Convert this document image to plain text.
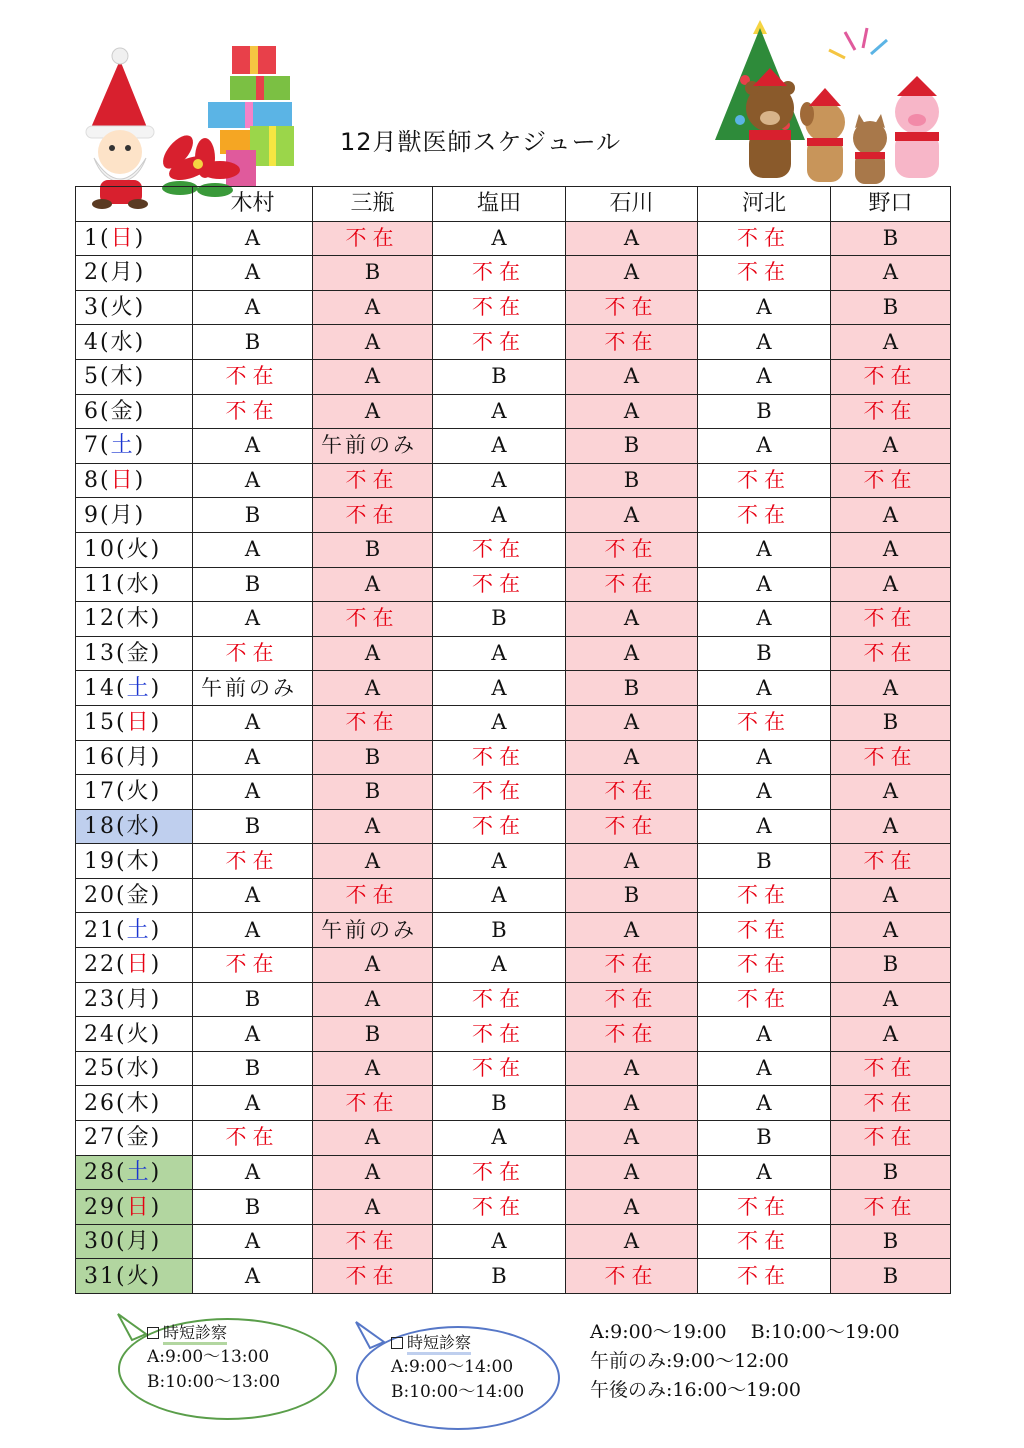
12月獣医師スケジュール
	木村	三瓶	塩田	石川	河北	野口
1(日)	A	不在	A	A	不在	B
2(月)	A	B	不在	A	不在	A
3(火)	A	A	不在	不在	A	B
4(水)	B	A	不在	不在	A	A
5(木)	不在	A	B	A	A	不在
6(金)	不在	A	A	A	B	不在
7(土)	A	午前のみ	A	B	A	A
8(日)	A	不在	A	B	不在	不在
9(月)	B	不在	A	A	不在	A
10(火)	A	B	不在	不在	A	A
11(水)	B	A	不在	不在	A	A
12(木)	A	不在	B	A	A	不在
13(金)	不在	A	A	A	B	不在
14(土)	午前のみ	A	A	B	A	A
15(日)	A	不在	A	A	不在	B
16(月)	A	B	不在	A	A	不在
17(火)	A	B	不在	不在	A	A
18(水)	B	A	不在	不在	A	A
19(木)	不在	A	A	A	B	不在
20(金)	A	不在	A	B	不在	A
21(土)	A	午前のみ	B	A	不在	A
22(日)	不在	A	A	不在	不在	B
23(月)	B	A	不在	不在	不在	A
24(火)	A	B	不在	不在	A	A
25(水)	B	A	不在	A	A	不在
26(木)	A	不在	B	A	A	不在
27(金)	不在	A	A	A	B	不在
28(土)	A	A	不在	A	A	B
29(日)	B	A	不在	A	不在	不在
30(月)	A	不在	A	A	不在	B
31(火)	A	不在	B	不在	不在	B
時短診察
A:9:00〜13:00
B:10:00〜13:00
時短診察
A:9:00〜14:00
B:10:00〜14:00
A:9:00〜19:00    B:10:00〜19:00
午前のみ:9:00〜12:00
午後のみ:16:00〜19:00
